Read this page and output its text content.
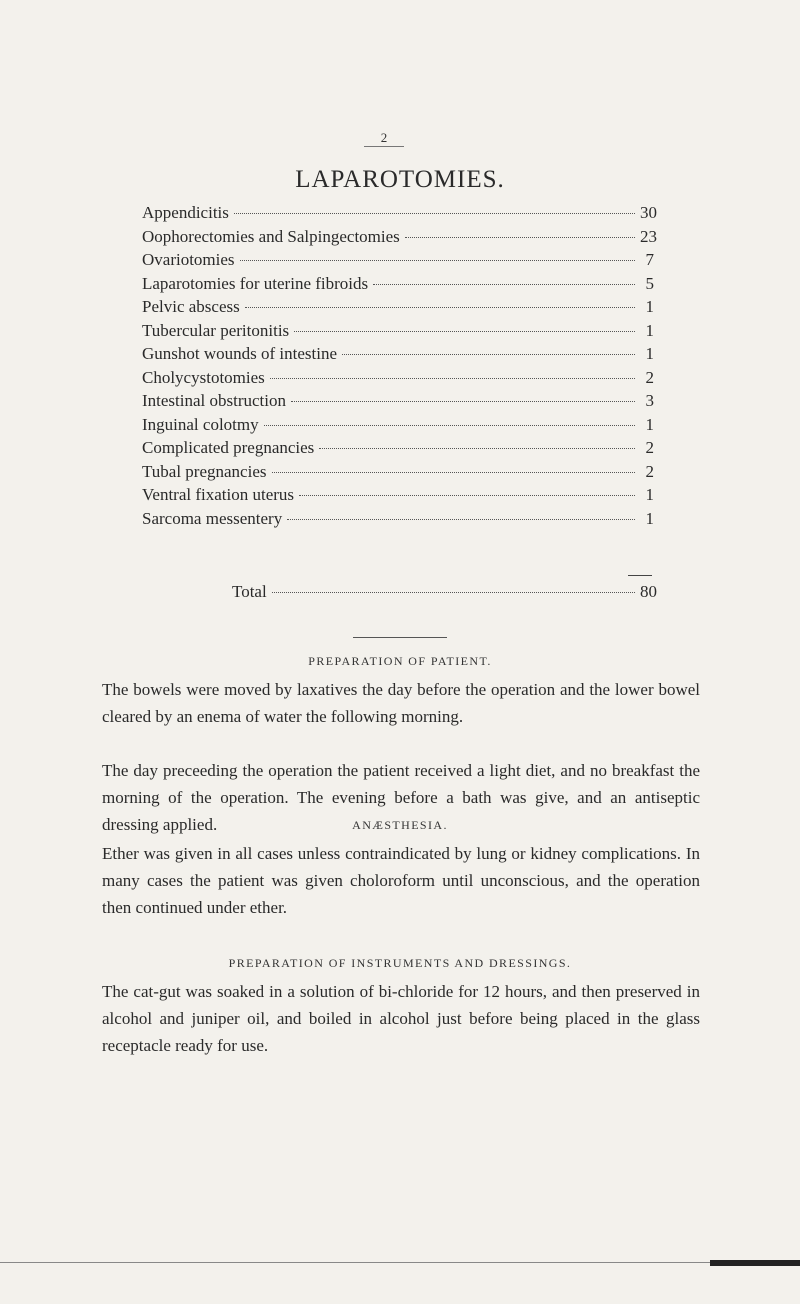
2
LAPAROTOMIES.
Appendicitis	30
Oophorectomies and Salpingectomies	23
Ovariotomies	7
Laparotomies for uterine fibroids	5
Pelvic abscess	1
Tubercular peritonitis	1
Gunshot wounds of intestine	1
Cholycystotomies	2
Intestinal obstruction	3
Inguinal colotmy	1
Complicated pregnancies	2
Tubal pregnancies	2
Ventral fixation uterus	1
Sarcoma messentery	1
Total	80
PREPARATION OF PATIENT.

The bowels were moved by laxatives the day before the operation and the lower bowel cleared by an enema of water the following morning.

The day preceeding the operation the patient received a light diet, and no breakfast the morning of the operation. The evening before a bath was give, and an antiseptic dressing applied.	ANÆSTHESIA.

Ether was given in all cases unless contraindicated by lung or kidney complications. In many cases the patient was given choloroform until unconscious, and the operation then continued under ether.

PREPARATION OF INSTRUMENTS AND DRESSINGS.

The cat-gut was soaked in a solution of bi-chloride for 12 hours, and then preserved in alcohol and juniper oil, and boiled in alcohol just before being placed in the glass receptacle ready for use.
